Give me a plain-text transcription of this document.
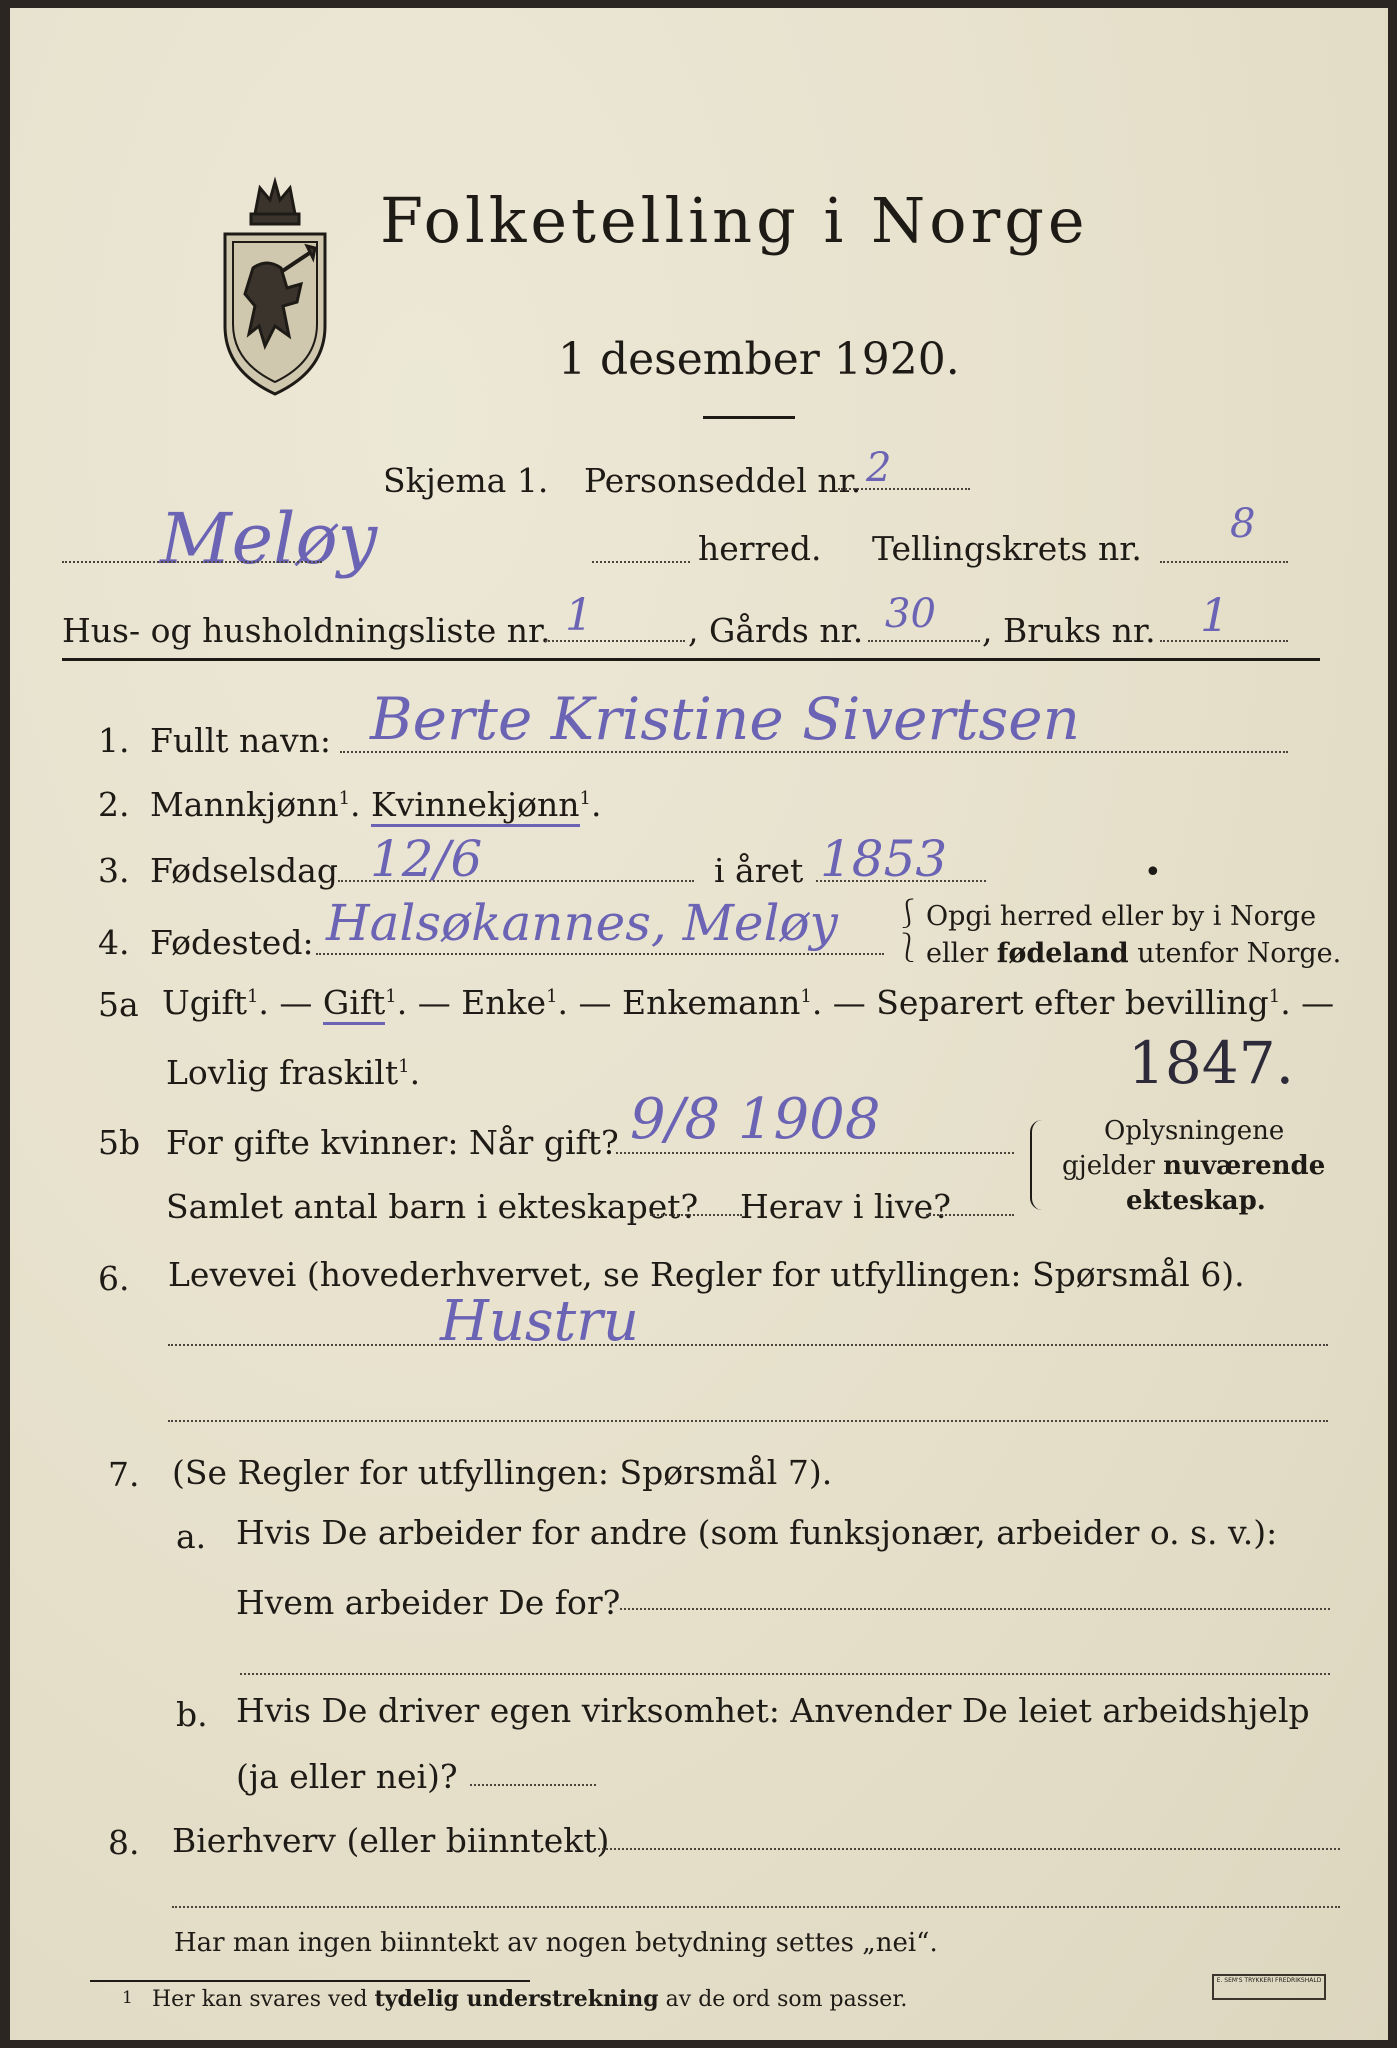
Folketelling i Norge
1 desember 1920.
Skjema 1. Personseddel nr. 2
Meløy	herred. Tellingskrets nr.
8
Hus- og husholdningsliste nr. 1	, Gårds nr. 30 , Bruks nr. 1
1. Fullt navn: Berte Kristine Sivertsen
2. Mannkjønn$^1$. Kvinnekjønn$^1$.
3. Fødselsdag 12/6	i året 1853	•
4. Fødested: Halsøkannes, Meløy ⎰
⎱
Opgi herred eller by i Norge
eller fødeland utenfor Norge.
5a Ugift$^1$. — Gift$^1$. — Enke$^1$. — Enkemann$^1$. — Separert efter bevilling$^1$. —
Lovlig fraskilt$^1$.	1847.
5b For gifte kvinner: Når gift? 9/8 1908
Samlet antal barn i ekteskapet? Herav i live?
Oplysningene
gjelder nuværende
ekteskap.
6. Levevei (hovederhvervet, se Regler for utfyllingen: Spørsmål 6).
Hustru
7. (Se Regler for utfyllingen: Spørsmål 7).
a. Hvis De arbeider for andre (som funksjonær, arbeider o. s. v.):
Hvem arbeider De for?
b. Hvis De driver egen virksomhet: Anvender De leiet arbeidshjelp
(ja eller nei)?
8. Bierhverv (eller biinntekt)
Har man ingen biinntekt av nogen betydning settes „nei“.
1 Her kan svares ved tydelig understrekning av de ord som passer.
E. SEM'S TRYKKERI FREDRIKSHALD
